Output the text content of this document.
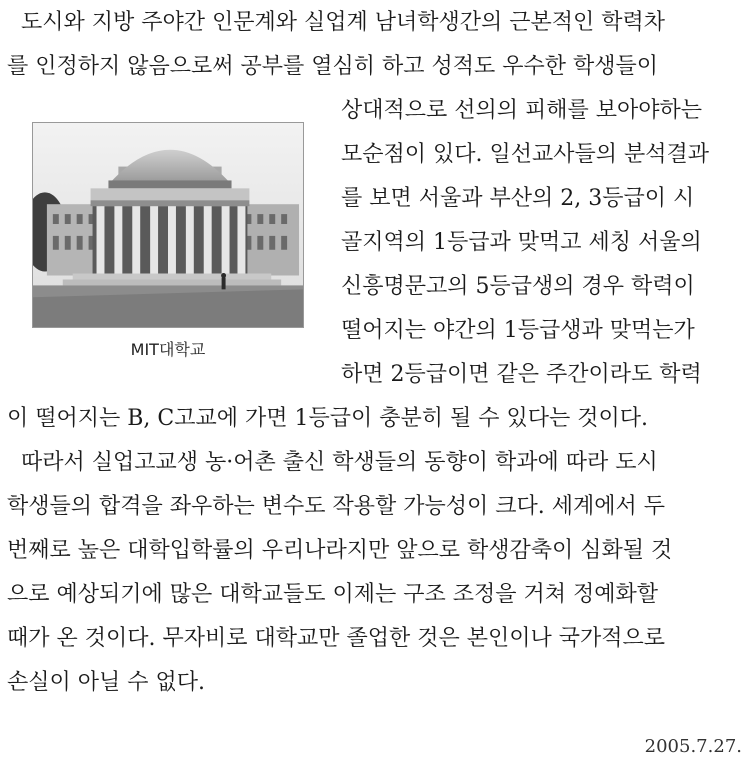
도시와 지방 주야간 인문계와 실업계 남녀학생간의 근본적인 학력차
를 인정하지 않음으로써 공부를 열심히 하고 성적도 우수한 학생들이
상대적으로 선의의 피해를 보아야하는
모순점이 있다. 일선교사들의 분석결과
를 보면 서울과 부산의 2, 3등급이 시
골지역의 1등급과 맞먹고 세칭 서울의
신흥명문고의 5등급생의 경우 학력이
떨어지는 야간의 1등급생과 맞먹는가
하면 2등급이면 같은 주간이라도 학력
이 떨어지는 B, C고교에 가면 1등급이 충분히 될 수 있다는 것이다.
따라서 실업고교생 농·어촌 출신 학생들의 동향이 학과에 따라 도시
학생들의 합격을 좌우하는 변수도 작용할 가능성이 크다. 세계에서 두
번째로 높은 대학입학률의 우리나라지만 앞으로 학생감축이 심화될 것
으로 예상되기에 많은 대학교들도 이제는 구조 조정을 거쳐 정예화할
때가 온 것이다. 무자비로 대학교만 졸업한 것은 본인이나 국가적으로
손실이 아닐 수 없다.
MIT대학교
2005.7.27.
